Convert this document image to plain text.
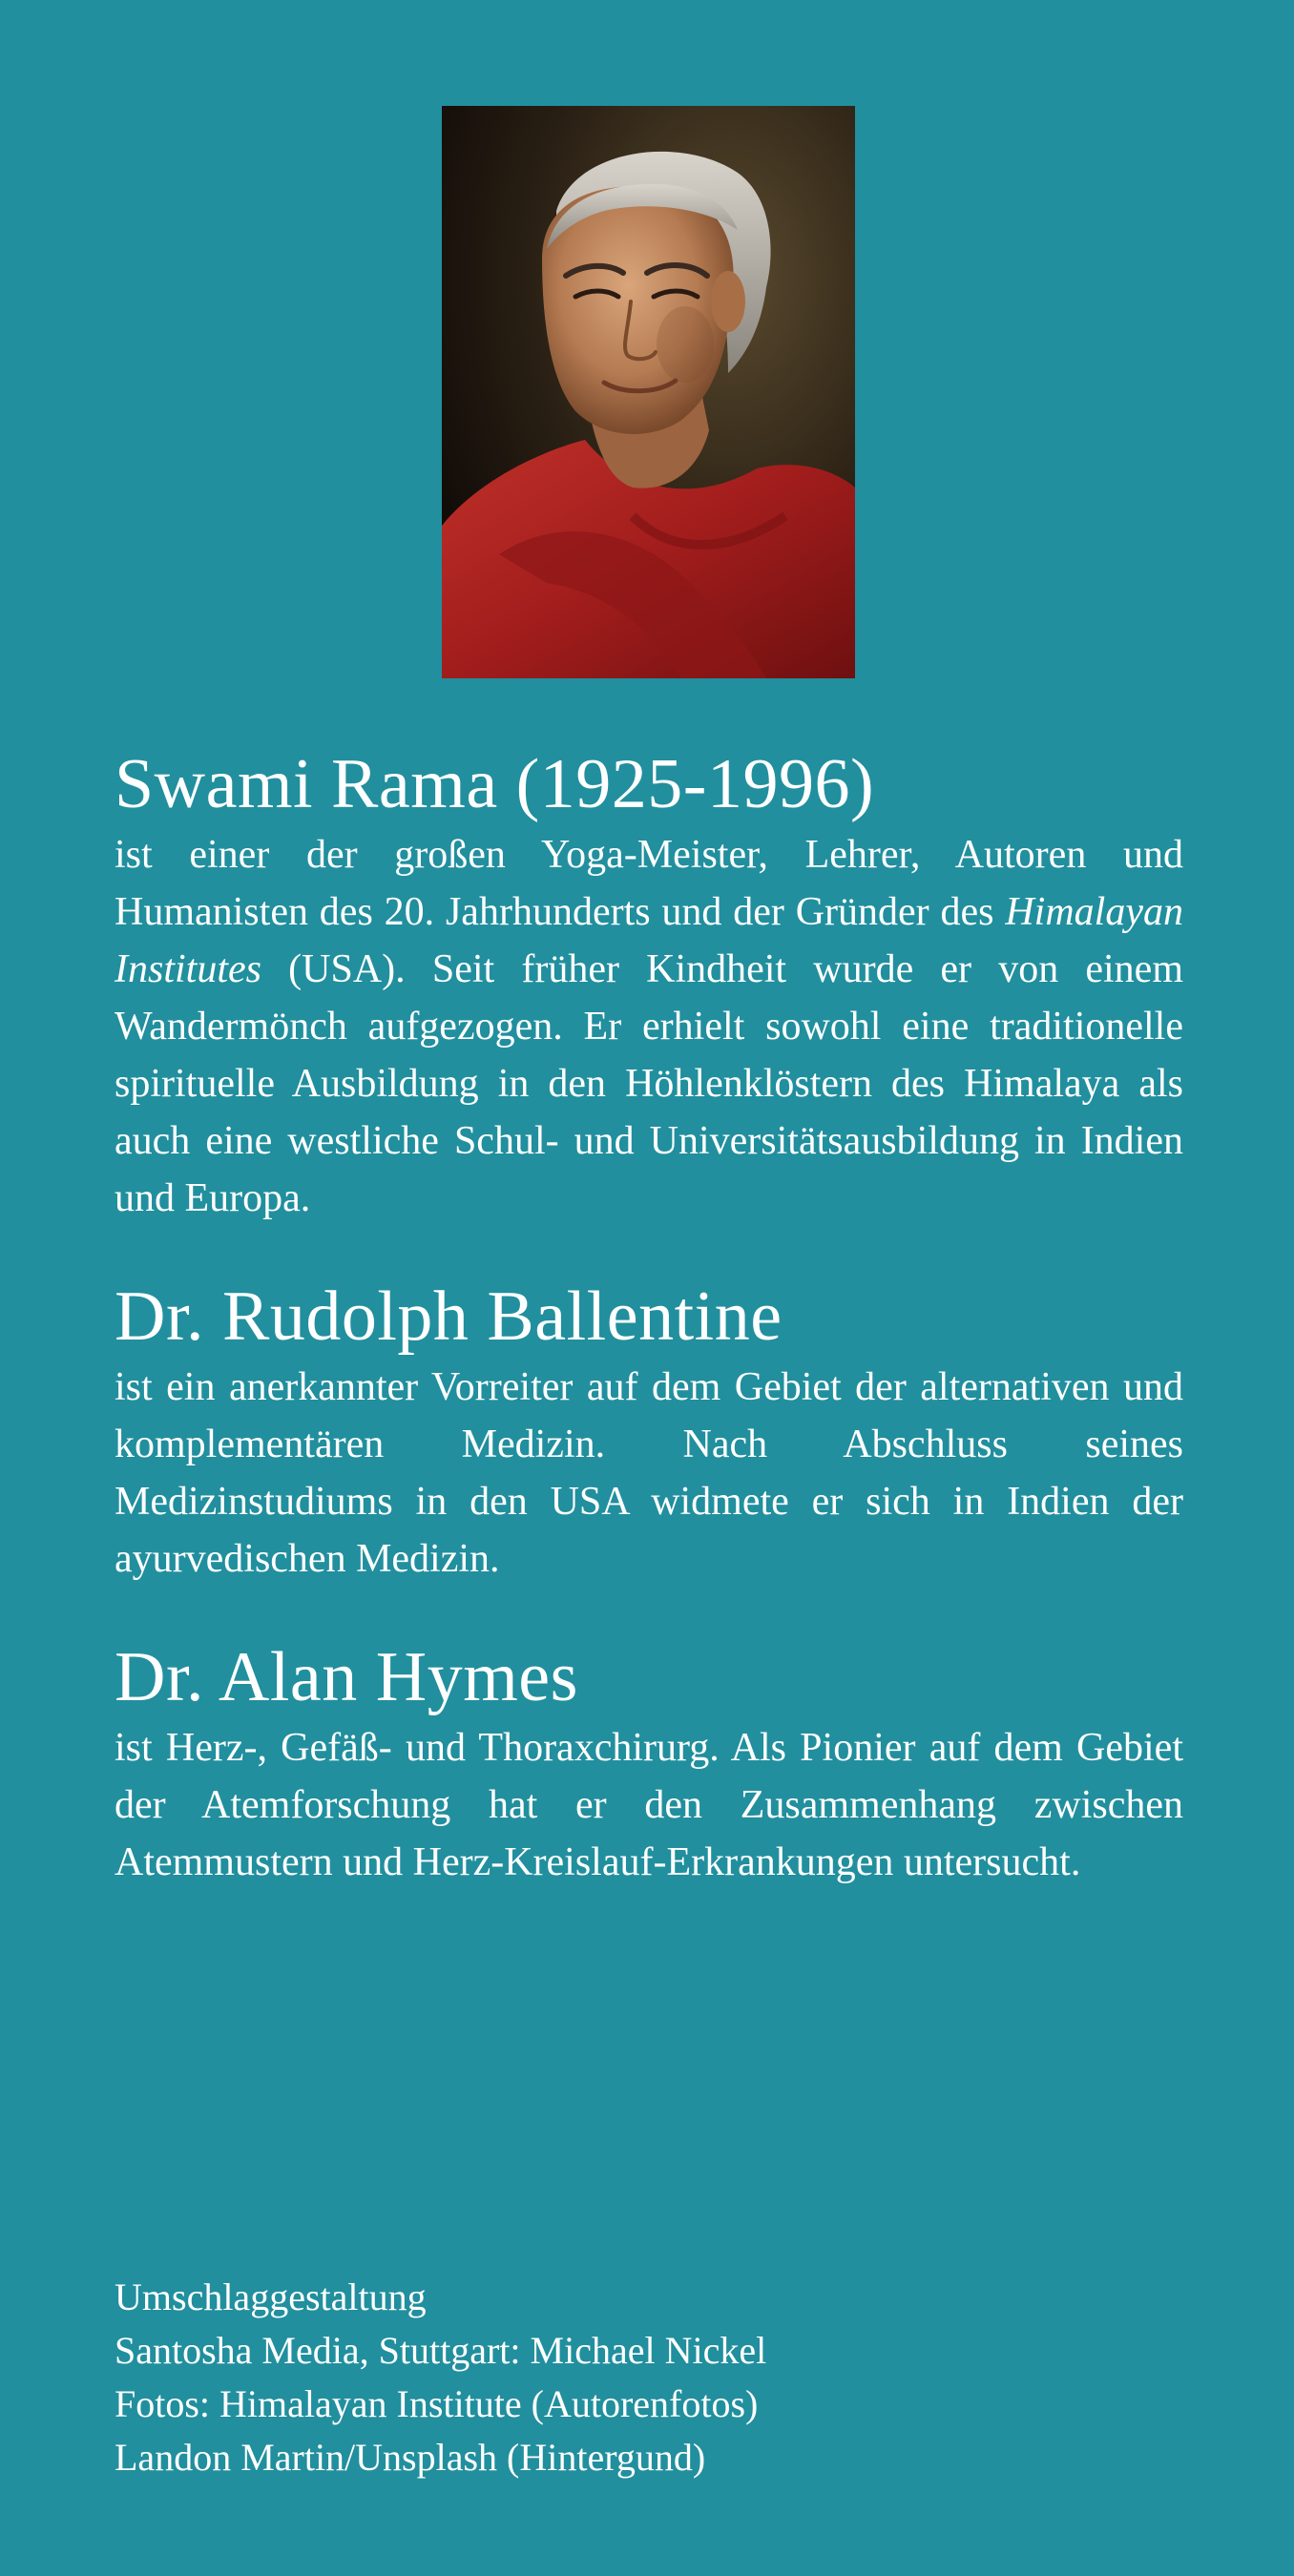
Swami Rama (1925-1996)

ist einer der großen Yoga-Meister, Lehrer, Autoren und Humanisten des 20. Jahrhunderts und der Gründer des Himalayan Institutes (USA). Seit früher Kindheit wurde er von einem Wandermönch aufgezogen. Er erhielt sowohl eine traditionelle spirituelle Ausbildung in den Höhlenklöstern des Himalaya als auch eine westliche Schul- und Universitätsausbildung in Indien und Europa.

Dr. Rudolph Ballentine

ist ein anerkannter Vorreiter auf dem Gebiet der alternativen und komplementären Medizin. Nach Abschluss seines Medizinstudiums in den USA widmete er sich in Indien der ayurvedischen Medizin.

Dr. Alan Hymes

ist Herz-, Gefäß- und Thoraxchirurg. Als Pionier auf dem Gebiet der Atemforschung hat er den Zusammenhang zwischen Atemmustern und Herz-Kreislauf-Erkrankungen untersucht.

Umschlaggestaltung
Santosha Media, Stuttgart: Michael Nickel
Fotos: Himalayan Institute (Autorenfotos)
Landon Martin/Unsplash (Hintergund)
